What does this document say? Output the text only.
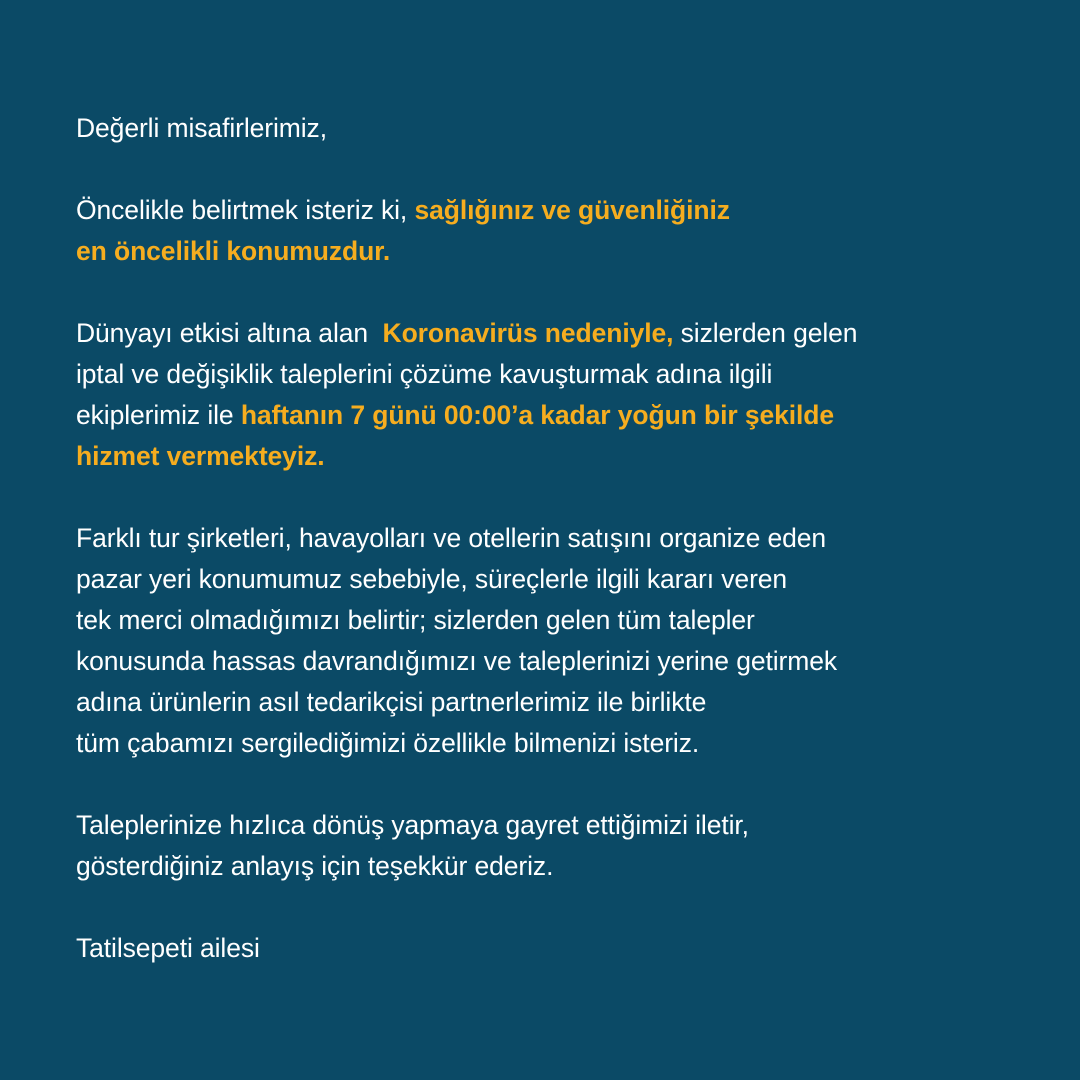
Değerli misafirlerimiz,

Öncelikle belirtmek isteriz ki, sağlığınız ve güvenliğiniz
en öncelikli konumuzdur.

Dünyayı etkisi altına alan  Koronavirüs nedeniyle, sizlerden gelen
iptal ve değişiklik taleplerini çözüme kavuşturmak adına ilgili
ekiplerimiz ile haftanın 7 günü 00:00’a kadar yoğun bir şekilde
hizmet vermekteyiz.

Farklı tur şirketleri, havayolları ve otellerin satışını organize eden
pazar yeri konumumuz sebebiyle, süreçlerle ilgili kararı veren
tek merci olmadığımızı belirtir; sizlerden gelen tüm talepler
konusunda hassas davrandığımızı ve taleplerinizi yerine getirmek
adına ürünlerin asıl tedarikçisi partnerlerimiz ile birlikte
tüm çabamızı sergilediğimizi özellikle bilmenizi isteriz.

Taleplerinize hızlıca dönüş yapmaya gayret ettiğimizi iletir,
gösterdiğiniz anlayış için teşekkür ederiz.

Tatilsepeti ailesi
